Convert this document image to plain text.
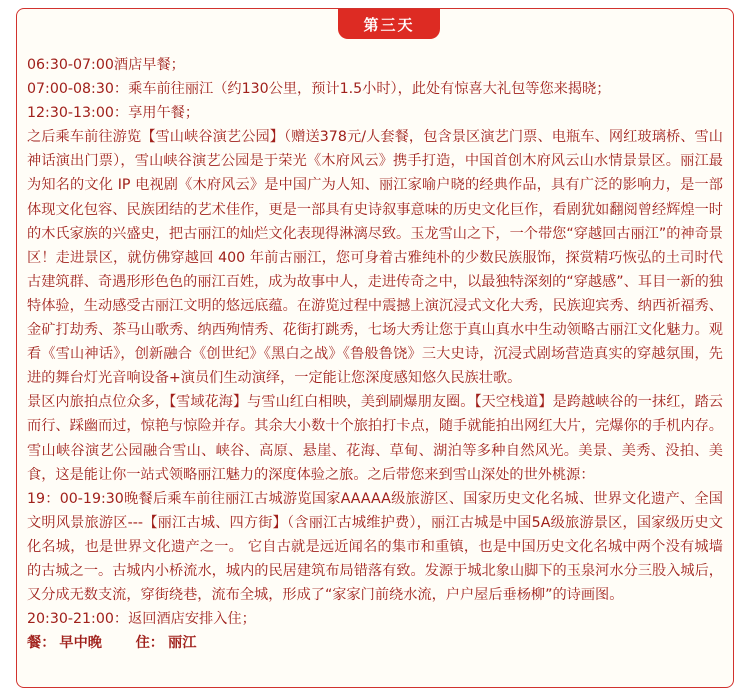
第三天
06:30-07:00酒店早餐；
07:00-08:30：乘车前往丽江（约130公里，预计1.5小时），此处有惊喜大礼包等您来揭晓；
12:30-13:00：享用午餐；
之后乘车前往游览【雪山峡谷演艺公园】（赠送378元/人套餐，包含景区演艺门票、电瓶车、网红玻璃桥、雪山神话演出门票），雪山峡谷演艺公园是于荣光《木府风云》携手打造，中国首创木府风云山水情景景区。丽江最为知名的文化 IP 电视剧《木府风云》是中国广为人知、丽江家喻户晓的经典作品，具有广泛的影响力，是一部体现文化包容、民族团结的艺术佳作，更是一部具有史诗叙事意味的历史文化巨作，看剧犹如翻阅曾经辉煌一时的木氏家族的兴盛史，把古丽江的灿烂文化表现得淋漓尽致。玉龙雪山之下，一个带您“穿越回古丽江”的神奇景区！走进景区，就仿佛穿越回 400 年前古丽江，您可身着古雅纯朴的少数民族服饰，探赏精巧恢弘的土司时代古建筑群、奇遇形形色色的丽江百姓，成为故事中人，走进传奇之中，以最独特深刻的“穿越感”、耳目一新的独特体验，生动感受古丽江文明的悠远底蕴。在游览过程中震撼上演沉浸式文化大秀，民族迎宾秀、纳西祈福秀、金矿打劫秀、茶马山歌秀、纳西殉情秀、花街打跳秀，七场大秀让您于真山真水中生动领略古丽江文化魅力。观看《雪山神话》，创新融合《创世纪》《黑白之战》《鲁般鲁饶》三大史诗，沉浸式剧场营造真实的穿越氛围，先进的舞台灯光音响设备+演员们生动演绎，一定能让您深度感知悠久民族壮歌。
景区内旅拍点位众多，【雪域花海】与雪山红白相映，美到刷爆朋友圈。【天空栈道】是跨越峡谷的一抹红，踏云而行、踩幽而过，惊艳与惊险并存。其余大小数十个旅拍打卡点，随手就能拍出网红大片，完爆你的手机内存。雪山峡谷演艺公园融合雪山、峡谷、高原、悬崖、花海、草甸、湖泊等多种自然风光。美景、美秀、没拍、美食，这是能让你一站式领略丽江魅力的深度体验之旅。之后带您来到雪山深处的世外桃源：
19：00-19:30晚餐后乘车前往丽江古城游览国家AAAAA级旅游区、国家历史文化名城、世界文化遗产、全国文明风景旅游区---【丽江古城、四方街】（含丽江古城维护费），丽江古城是中国5A级旅游景区，国家级历史文化名城，也是世界文化遗产之一。 它自古就是远近闻名的集市和重镇，也是中国历史文化名城中两个没有城墙的古城之一。古城内小桥流水，城内的民居建筑布局错落有致。发源于城北象山脚下的玉泉河水分三股入城后，又分成无数支流，穿街绕巷，流布全城，形成了“家家门前绕水流，户户屋后垂杨柳”的诗画图。
20:30-21:00：返回酒店安排入住；
餐： 早中晚 住： 丽江
